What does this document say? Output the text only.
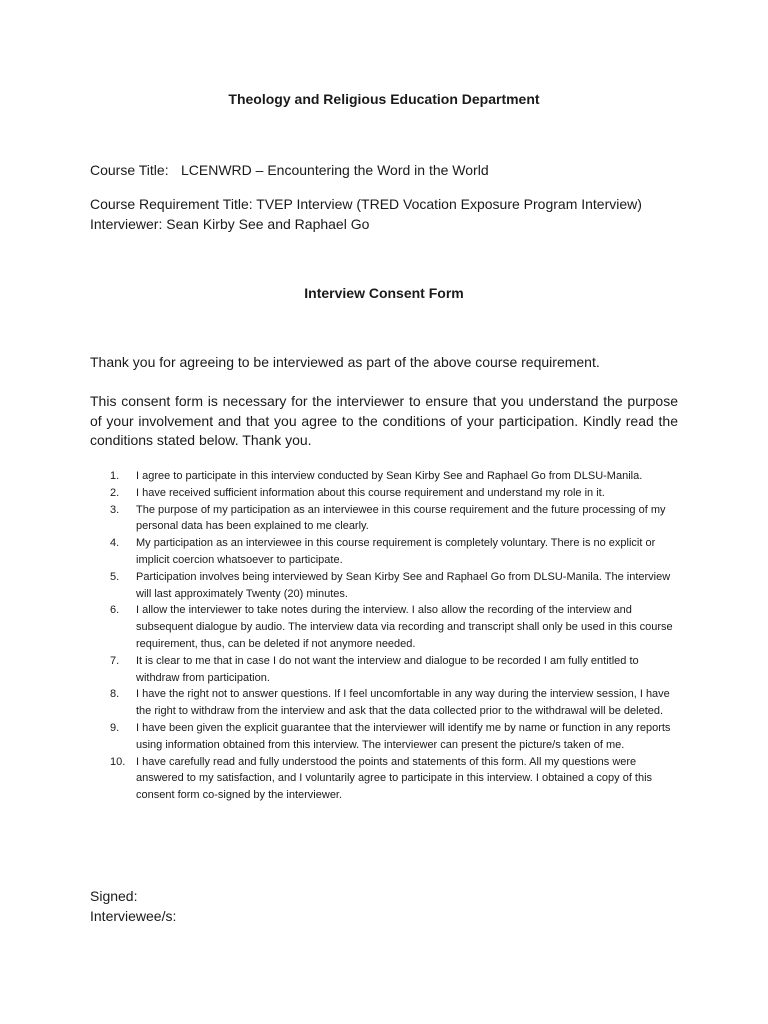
Theology and Religious Education Department
Course Title: LCENWRD – Encountering the Word in the World
Course Requirement Title: TVEP Interview (TRED Vocation Exposure Program Interview)
Interviewer: Sean Kirby See and Raphael Go
Interview Consent Form

Thank you for agreeing to be interviewed as part of the above course requirement.

This consent form is necessary for the interviewer to ensure that you understand the purpose of your involvement and that you agree to the conditions of your participation. Kindly read the conditions stated below. Thank you.

1. I agree to participate in this interview conducted by Sean Kirby See and Raphael Go from DLSU-Manila.
2. I have received sufficient information about this course requirement and understand my role in it.
3. The purpose of my participation as an interviewee in this course requirement and the future processing of my personal data has been explained to me clearly.
4. My participation as an interviewee in this course requirement is completely voluntary. There is no explicit or implicit coercion whatsoever to participate.
5. Participation involves being interviewed by Sean Kirby See and Raphael Go from DLSU-Manila. The interview will last approximately Twenty (20) minutes.
6. I allow the interviewer to take notes during the interview. I also allow the recording of the interview and subsequent dialogue by audio. The interview data via recording and transcript shall only be used in this course requirement, thus, can be deleted if not anymore needed.
7. It is clear to me that in case I do not want the interview and dialogue to be recorded I am fully entitled to withdraw from participation.
8. I have the right not to answer questions. If I feel uncomfortable in any way during the interview session, I have the right to withdraw from the interview and ask that the data collected prior to the withdrawal will be deleted.
9. I have been given the explicit guarantee that the interviewer will identify me by name or function in any reports using information obtained from this interview. The interviewer can present the picture/s taken of me.
10. I have carefully read and fully understood the points and statements of this form. All my questions were answered to my satisfaction, and I voluntarily agree to participate in this interview. I obtained a copy of this consent form co-signed by the interviewer.
Signed:
Interviewee/s:
